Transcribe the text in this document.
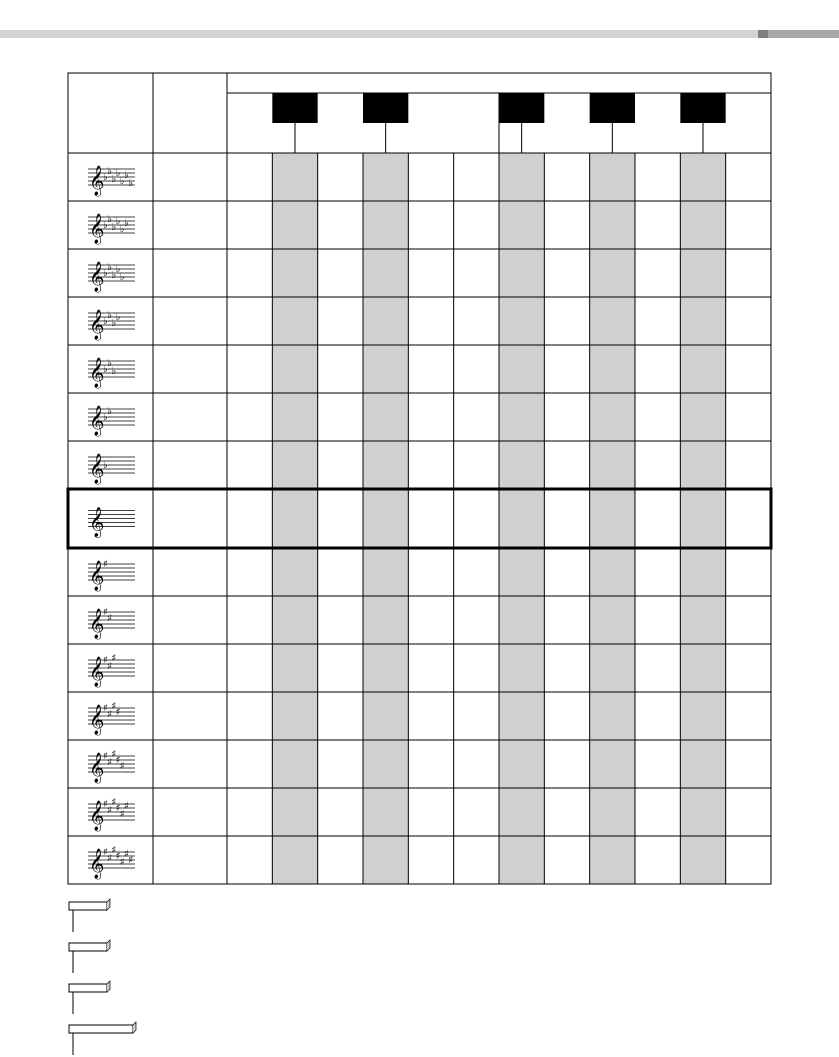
𝄞
♭
♭
♭
♭
♭
♭
♭
𝄞
♭
♭
♭
♭
♭
♭
𝄞
♭
♭
♭
♭
♭
𝄞
♭
♭
♭
♭
𝄞
♭
♭
♭
𝄞
♭
♭
𝄞
♭
𝄞
𝄞
♯
𝄞
♯
♯
𝄞
♯
♯
♯
𝄞
♯
♯
♯
♯
𝄞
♯
♯
♯
♯
♯
𝄞
♯
♯
♯
♯
♯
♯
𝄞
♯
♯
♯
♯
♯
♯
♯
